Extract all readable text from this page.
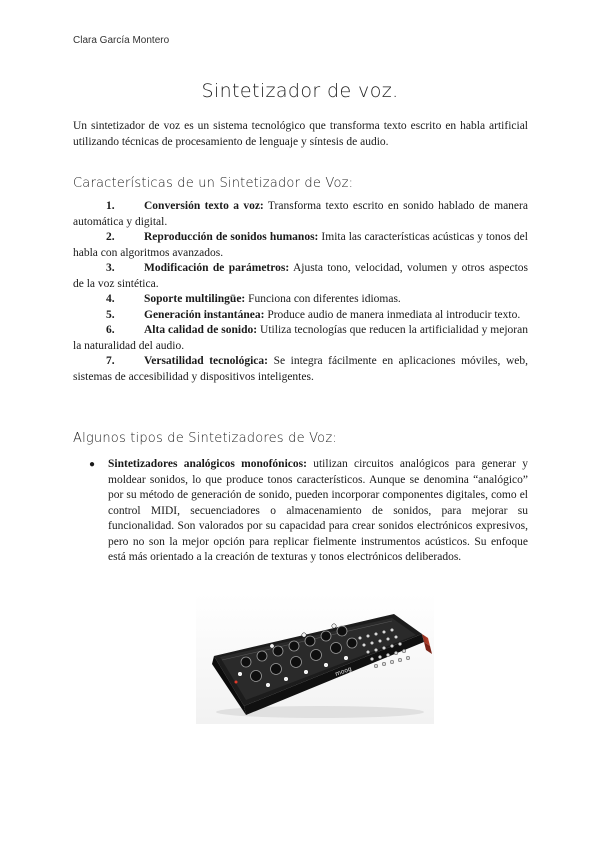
Clara García Montero
Sintetizador de voz.

Un sintetizador de voz es un sistema tecnológico que transforma texto escrito en habla artificial utilizando técnicas de procesamiento de lenguaje y síntesis de audio.

Características de un Sintetizador de Voz:
1.	Conversión texto a voz: Transforma texto escrito en sonido hablado de manera automática y digital.
2.	Reproducción de sonidos humanos: Imita las características acústicas y tonos del habla con algoritmos avanzados.
3.	Modificación de parámetros: Ajusta tono, velocidad, volumen y otros aspectos de la voz sintética.
4.	Soporte multilingüe: Funciona con diferentes idiomas.
5.	Generación instantánea: Produce audio de manera inmediata al introducir texto.
6.	Alta calidad de sonido: Utiliza tecnologías que reducen la artificialidad y mejoran la naturalidad del audio.
7.	Versatilidad tecnológica: Se integra fácilmente en aplicaciones móviles, web, sistemas de accesibilidad y dispositivos inteligentes.
Algunos tipos de Sintetizadores de Voz:
● Sintetizadores analógicos monofónicos: utilizan circuitos analógicos para generar y moldear sonidos, lo que produce tonos característicos. Aunque se denomina “analógico” por su método de generación de sonido, pueden incorporar componentes digitales, como el control MIDI, secuenciadores o almacenamiento de sonidos, para mejorar su funcionalidad. Son valorados por su capacidad para crear sonidos electrónicos expresivos, pero no son la mejor opción para replicar fielmente instrumentos acústicos. Su enfoque está más orientado a la creación de texturas y tonos electrónicos deliberados.
moog
